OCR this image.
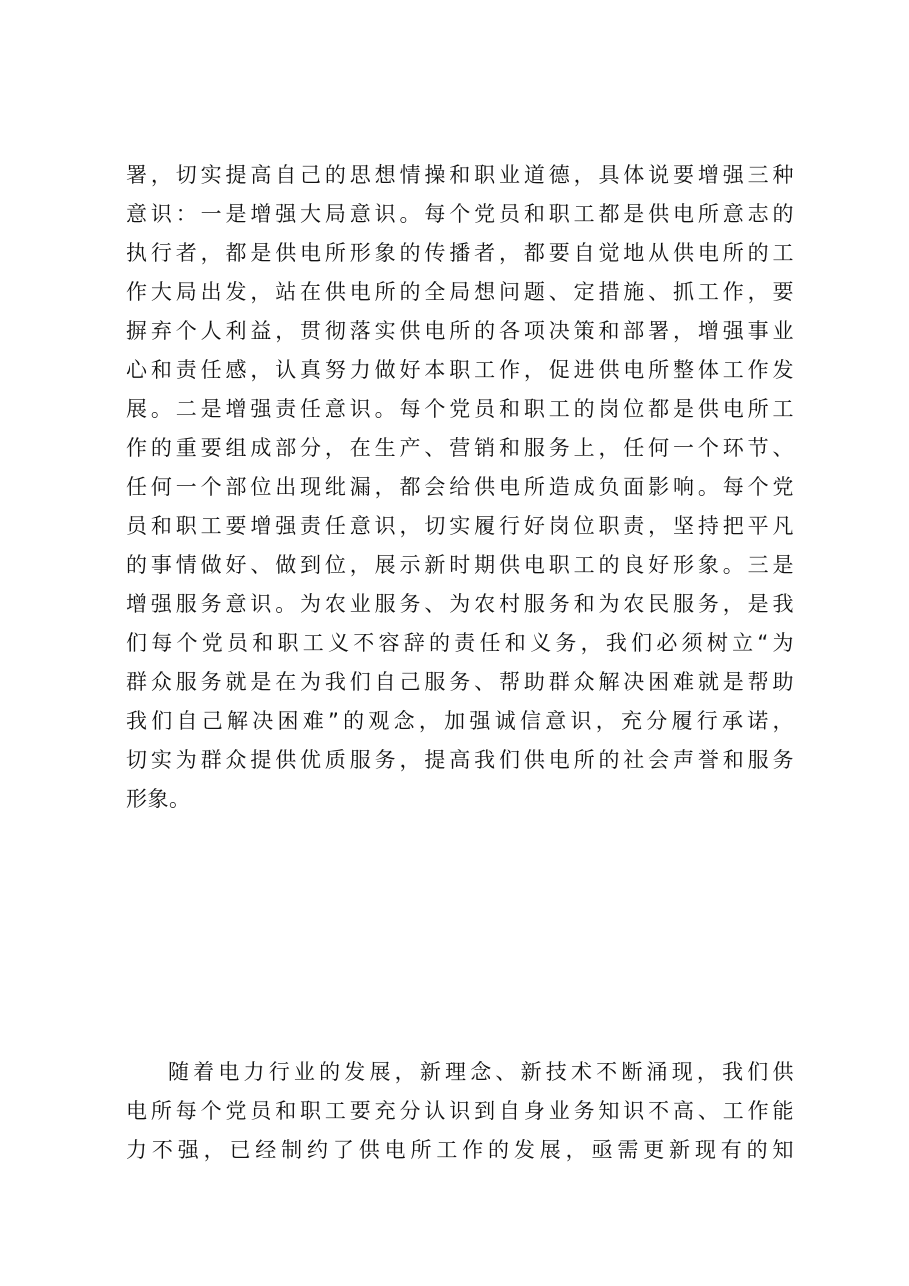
署，切实提高自己的思想情操和职业道德，具体说要增强三种
意识：一是增强大局意识。每个党员和职工都是供电所意志的
执行者，都是供电所形象的传播者，都要自觉地从供电所的工
作大局出发，站在供电所的全局想问题、定措施、抓工作，要
摒弃个人利益，贯彻落实供电所的各项决策和部署，增强事业
心和责任感，认真努力做好本职工作，促进供电所整体工作发
展。二是增强责任意识。每个党员和职工的岗位都是供电所工
作的重要组成部分，在生产、营销和服务上，任何一个环节、
任何一个部位出现纰漏，都会给供电所造成负面影响。每个党
员和职工要增强责任意识，切实履行好岗位职责，坚持把平凡
的事情做好、做到位，展示新时期供电职工的良好形象。三是
增强服务意识。为农业服务、为农村服务和为农民服务，是我
们每个党员和职工义不容辞的责任和义务，我们必须树立“为
群众服务就是在为我们自己服务、帮助群众解决困难就是帮助
我们自己解决困难”的观念，加强诚信意识，充分履行承诺，
切实为群众提供优质服务，提高我们供电所的社会声誉和服务
形象。
随着电力行业的发展，新理念、新技术不断涌现，我们供
电所每个党员和职工要充分认识到自身业务知识不高、工作能
力不强，已经制约了供电所工作的发展，亟需更新现有的知
